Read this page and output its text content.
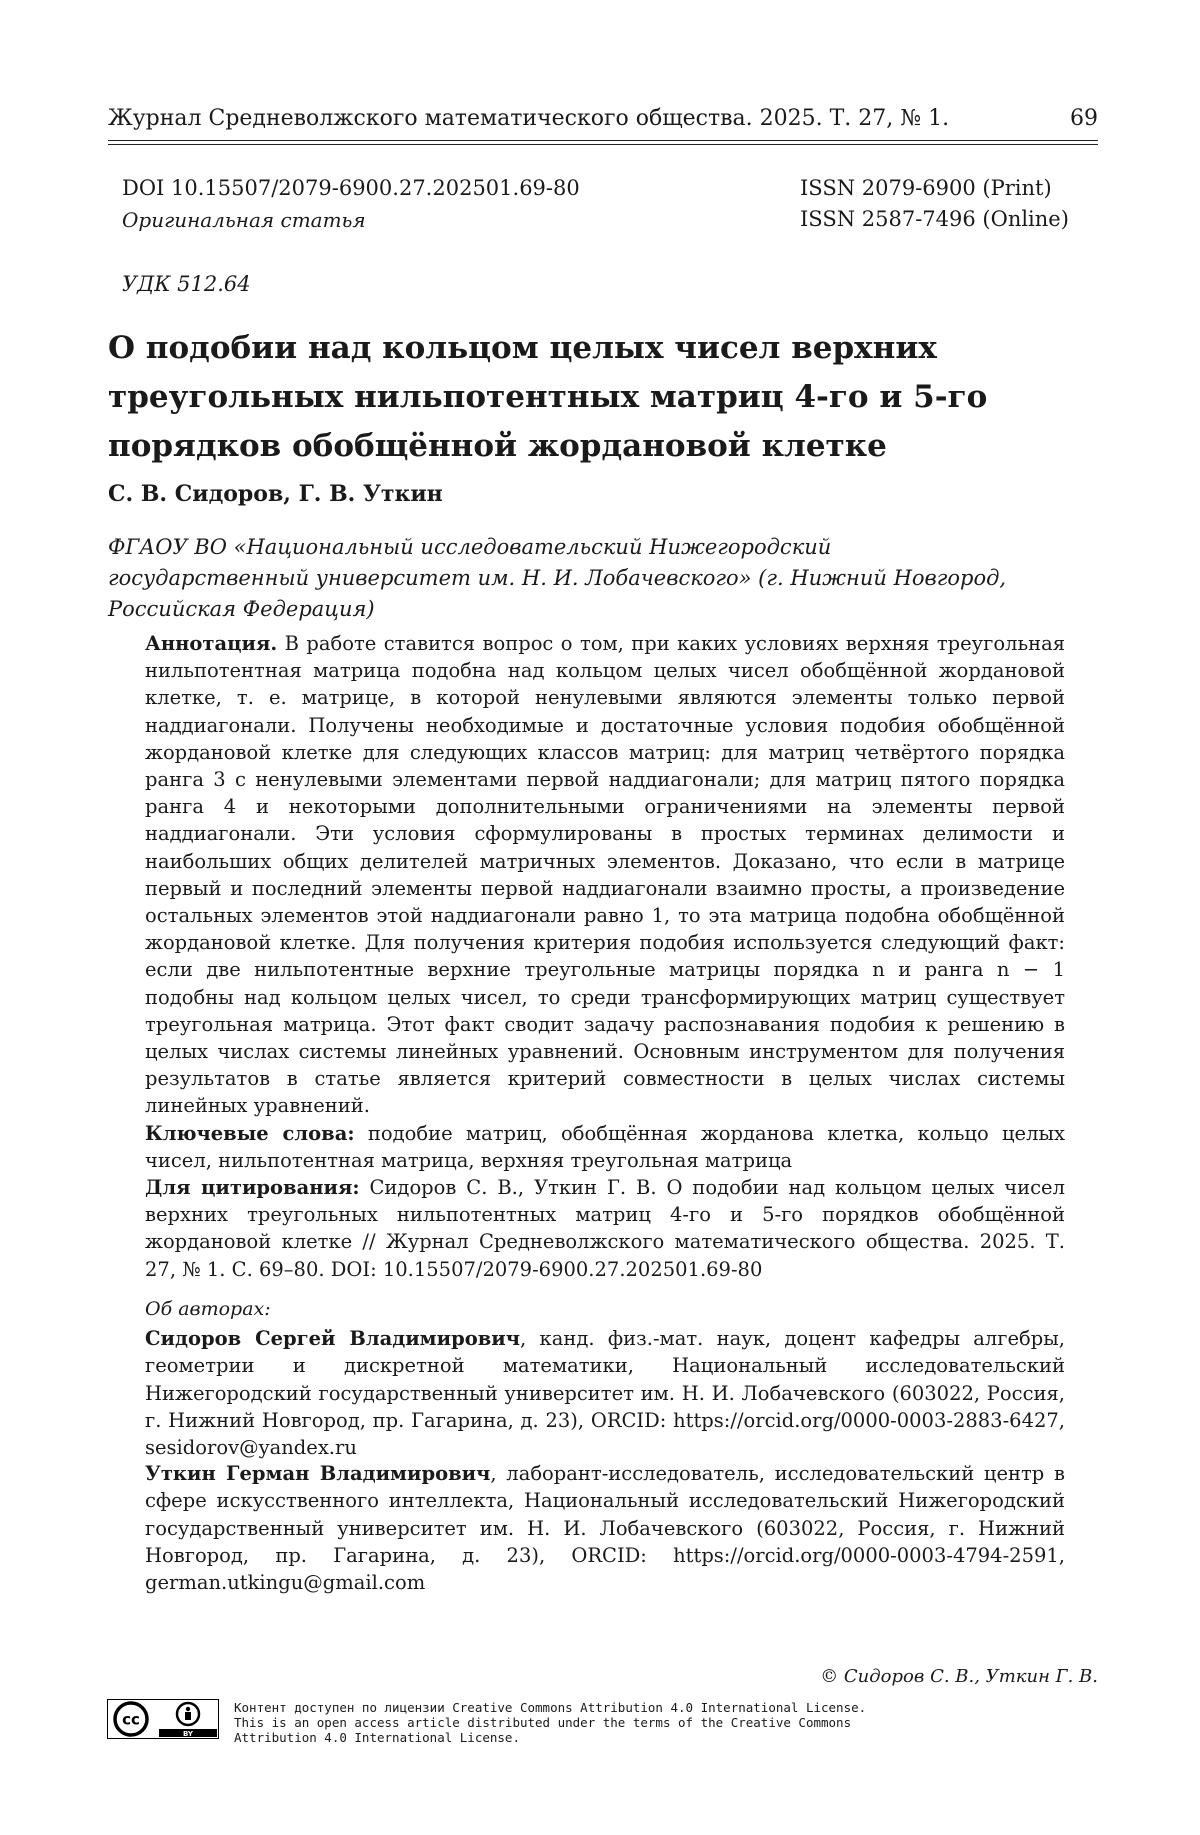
Журнал Средневолжского математического общества. 2025. Т. 27, № 1.	69
DOI 10.15507/2079-6900.27.202501.69-80
Оригинальная статья
ISSN 2079-6900 (Print)
ISSN 2587-7496 (Online)
УДК 512.64
О подобии над кольцом целых чисел верхних треугольных нильпотентных матриц 4-го и 5-го порядков обобщённой жордановой клетке
С. В. Сидоров, Г. В. Уткин
ФГАОУ ВО «Национальный исследовательский Нижегородский государственный университет им. Н. И. Лобачевского» (г. Нижний Новгород, Российская Федерация)
Аннотация. В работе ставится вопрос о том, при каких условиях верхняя треугольная нильпотентная матрица подобна над кольцом целых чисел обобщённой жордановой клетке, т. е. матрице, в которой ненулевыми являются элементы только первой наддиагонали. Получены необходимые и достаточные условия подобия обобщённой жордановой клетке для следующих классов матриц: для матриц четвёртого порядка ранга 3 с ненулевыми элементами первой наддиагонали; для матриц пятого порядка ранга 4 и некоторыми дополнительными ограничениями на элементы первой наддиагонали. Эти условия сформулированы в простых терминах делимости и наибольших общих делителей матричных элементов. Доказано, что если в матрице первый и последний элементы первой наддиагонали взаимно просты, а произведение остальных элементов этой наддиагонали равно 1, то эта матрица подобна обобщённой жордановой клетке. Для получения критерия подобия используется следующий факт: если две нильпотентные верхние треугольные матрицы порядка n и ранга n − 1 подобны над кольцом целых чисел, то среди трансформирующих матриц существует треугольная матрица. Этот факт сводит задачу распознавания подобия к решению в целых числах системы линейных уравнений. Основным инструментом для получения результатов в статье является критерий совместности в целых числах системы линейных уравнений.
Ключевые слова: подобие матриц, обобщённая жорданова клетка, кольцо целых чисел, нильпотентная матрица, верхняя треугольная матрица
Для цитирования: Сидоров С. В., Уткин Г. В. О подобии над кольцом целых чисел верхних треугольных нильпотентных матриц 4-го и 5-го порядков обобщённой жордановой клетке // Журнал Средневолжского математического общества. 2025. Т. 27, № 1. С. 69–80. DOI: 10.15507/2079-6900.27.202501.69-80
Об авторах:
Сидоров Сергей Владимирович, канд. физ.-мат. наук, доцент кафедры алгебры, геометрии и дискретной математики, Национальный исследовательский Нижегородский государственный университет им. Н. И. Лобачевского (603022, Россия, г. Нижний Новгород, пр. Гагарина, д. 23), ORCID: https://orcid.org/0000-0003-2883-6427, sesidorov@yandex.ru
Уткин Герман Владимирович, лаборант-исследователь, исследовательский центр в сфере искусственного интеллекта, Национальный исследовательский Нижегородский государственный университет им. Н. И. Лобачевского (603022, Россия, г. Нижний Новгород, пр. Гагарина, д. 23), ORCID: https://orcid.org/0000-0003-4794-2591, german.utkingu@gmail.com
© Сидоров С. В., Уткин Г. В.
cc
BY
Контент доступен по лицензии Creative Commons Attribution 4.0 International License.
This is an open access article distributed under the terms of the Creative Commons
Attribution 4.0 International License.
